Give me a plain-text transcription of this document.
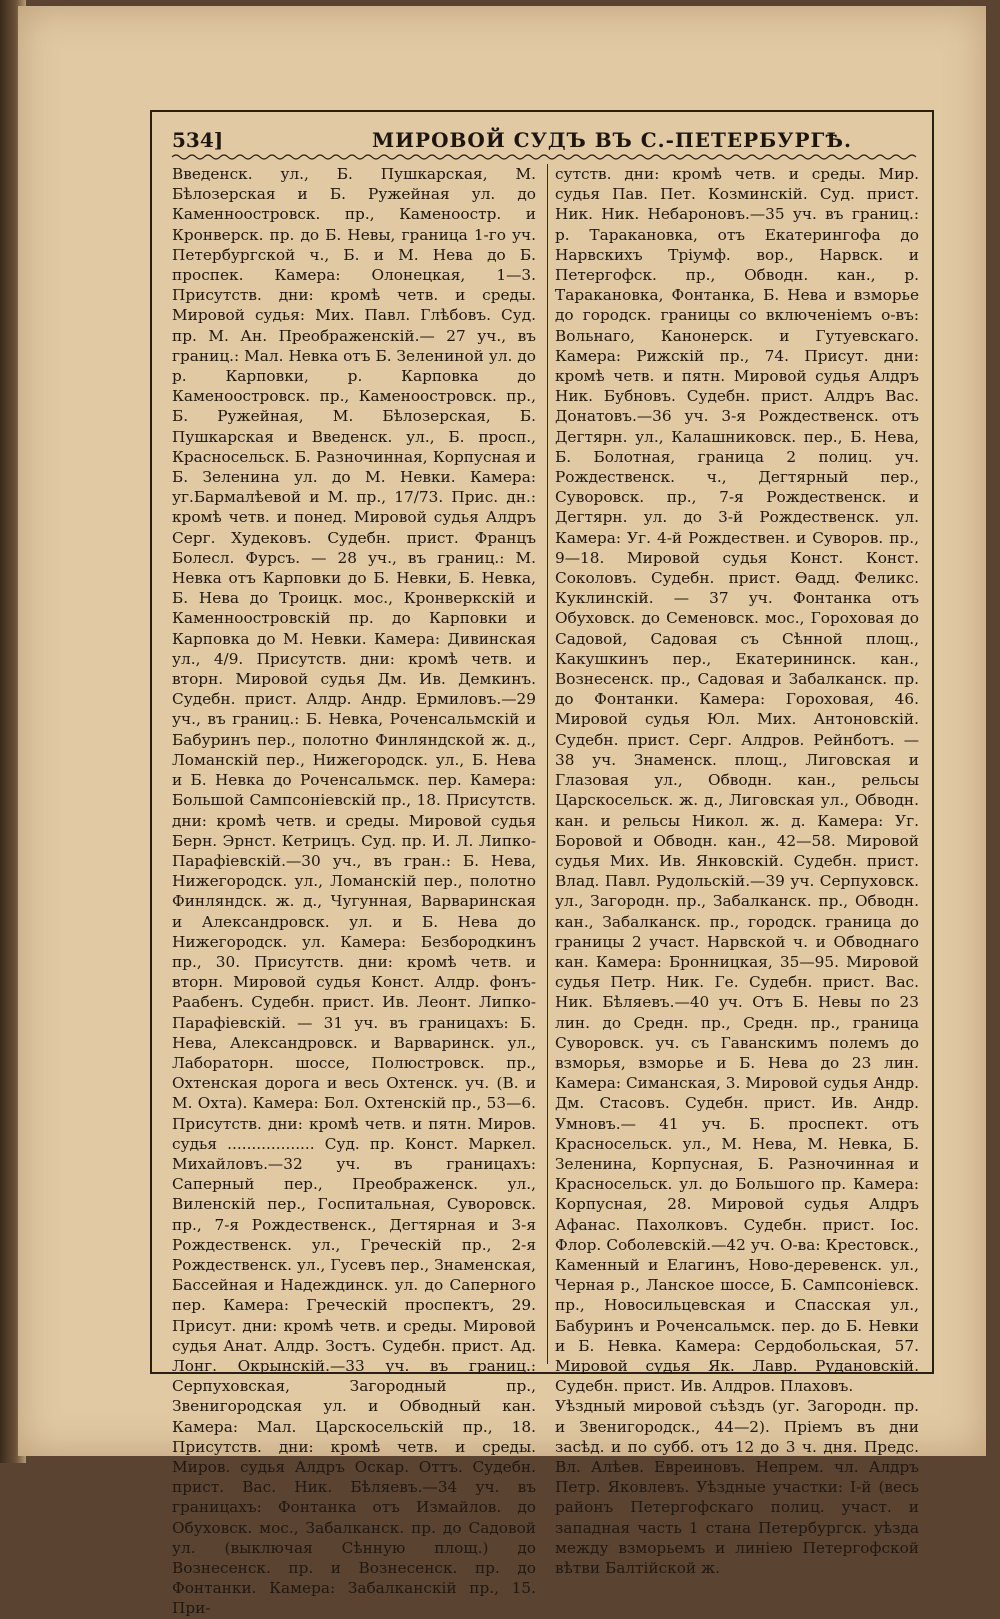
534]	МИРОВОЙ СУДЪ ВЪ С.-ПЕТЕРБУРГѢ.
Введенск. ул., Б. Пушкарская, М. Бѣлозерская и Б. Ружейная ул. до Каменноостровск. пр., Каменоостр. и Кронверск. пр. до Б. Невы, граница 1-го уч. Петербургской ч., Б. и М. Нева до Б. проспек. Камера: Олонецкая, 1—3. Присутств. дни: кромѣ четв. и среды. Мировой судья: Мих. Павл. Глѣбовъ. Суд. пр. М. Ан. Преображенскій.— 27 уч., въ границ.: Мал. Невка отъ Б. Зелениной ул. до р. Карповки, р. Карповка до Каменоостровск. пр., Каменоостровск. пр., Б. Ружейная, М. Бѣлозерская, Б. Пушкарская и Введенск. ул., Б. просп., Красносельск. Б. Разночинная, Корпусная и Б. Зеленина ул. до М. Невки. Камера: уг.Бармалѣевой и М. пр., 17/73. Прис. дн.: кромѣ четв. и понед. Мировой судья Алдръ Серг. Худековъ. Судебн. прист. Францъ Болесл. Фурсъ. — 28 уч., въ границ.: М. Невка отъ Карповки до Б. Невки, Б. Невка, Б. Нева до Троицк. мос., Кронверкскій и Каменноостровскій пр. до Карповки и Карповка до М. Невки. Камера: Дивинская ул., 4/9. Присутств. дни: кромѣ четв. и вторн. Мировой судья Дм. Ив. Демкинъ. Судебн. прист. Алдр. Андр. Ермиловъ.—29 уч., въ границ.: Б. Невка, Роченсальмскій и Бабуринъ пер., полотно Финляндской ж. д., Ломанскій пер., Нижегородск. ул., Б. Нева и Б. Невка до Роченсальмск. пер. Камера: Большой Сампсоніевскій пр., 18. Присутств. дни: кромѣ четв. и среды. Мировой судья Берн. Эрнст. Кетрицъ. Суд. пр. И. Л. Липко-Парафіевскій.—30 уч., въ гран.: Б. Нева, Нижегородск. ул., Ломанскій пер., полотно Финляндск. ж. д., Чугунная, Варваринская и Александровск. ул. и Б. Нева до Нижегородск. ул. Камера: Безбородкинъ пр., 30. Присутств. дни: кромѣ четв. и вторн. Мировой судья Конст. Алдр. фонъ-Раабенъ. Судебн. прист. Ив. Леонт. Липко-Парафіевскій. — 31 уч. въ границахъ: Б. Нева, Александровск. и Варваринск. ул., Лабораторн. шоссе, Полюстровск. пр., Охтенская дорога и весь Охтенск. уч. (В. и М. Охта). Камера: Бол. Охтенскій пр., 53—6. Присутств. дни: кромѣ четв. и пятн. Миров. судья .................. Суд. пр. Конст. Маркел. Михайловъ.—32 уч. въ границахъ: Саперный пер., Преображенск. ул., Виленскій пер., Госпитальная, Суворовск. пр., 7-я Рождественск., Дегтярная и 3-я Рождественск. ул., Греческій пр., 2-я Рождественск. ул., Гусевъ пер., Знаменская, Бассейная и Надеждинск. ул. до Саперного пер. Камера: Греческій проспектъ, 29. Присут. дни: кромѣ четв. и среды. Мировой судья Анат. Алдр. Зостъ. Судебн. прист. Ад. Лонг. Окрынскій.—33 уч. въ границ.: Серпуховская, Загородный пр., Звенигородская ул. и Обводный кан. Камера: Мал. Царскосельскій пр., 18. Присутств. дни: кромѣ четв. и среды. Миров. судья Алдръ Оскар. Оттъ. Судебн. прист. Вас. Ник. Бѣляевъ.—34 уч. въ границахъ: Фонтанка отъ Измайлов. до Обуховск. мос., Забалканск. пр. до Садовой ул. (выключая Сѣнную площ.) до Вознесенск. пр. и Вознесенск. пр. до Фонтанки. Камера: Забалканскій пр., 15. При-
сутств. дни: кромѣ четв. и среды. Мир. судья Пав. Пет. Козминскій. Суд. прист. Ник. Ник. Небароновъ.—35 уч. въ границ.: р. Таракановка, отъ Екатерингофа до Нарвскихъ Тріумф. вор., Нарвск. и Петергофск. пр., Обводн. кан., р. Таракановка, Фонтанка, Б. Нева и взморье до городск. границы со включеніемъ о-въ: Вольнаго, Канонерск. и Гутуевскаго. Камера: Рижскій пр., 74. Присут. дни: кромѣ четв. и пятн. Мировой судья Алдръ Ник. Бубновъ. Судебн. прист. Алдръ Вас. Донатовъ.—36 уч. 3-я Рождественск. отъ Дегтярн. ул., Калашниковск. пер., Б. Нева, Б. Болотная, граница 2 полиц. уч. Рождественск. ч., Дегтярный пер., Суворовск. пр., 7-я Рождественск. и Дегтярн. ул. до 3-й Рождественск. ул. Камера: Уг. 4-й Рождествен. и Суворов. пр., 9—18. Мировой судья Конст. Конст. Соколовъ. Судебн. прист. Ѳадд. Феликс. Куклинскій. — 37 уч. Фонтанка отъ Обуховск. до Семеновск. мос., Гороховая до Садовой, Садовая съ Сѣнной площ., Какушкинъ пер., Екатерининск. кан., Вознесенск. пр., Садовая и Забалканск. пр. до Фонтанки. Камера: Гороховая, 46. Мировой судья Юл. Мих. Антоновскій. Судебн. прист. Серг. Алдров. Рейнботъ. — 38 уч. Знаменск. площ., Лиговская и Глазовая ул., Обводн. кан., рельсы Царскосельск. ж. д., Лиговская ул., Обводн. кан. и рельсы Никол. ж. д. Камера: Уг. Боровой и Обводн. кан., 42—58. Мировой судья Мих. Ив. Янковскій. Судебн. прист. Влад. Павл. Рудольскій.—39 уч. Серпуховск. ул., Загородн. пр., Забалканск. пр., Обводн. кан., Забалканск. пр., городск. граница до границы 2 участ. Нарвской ч. и Обводнаго кан. Камера: Бронницкая, 35—95. Мировой судья Петр. Ник. Ге. Судебн. прист. Вас. Ник. Бѣляевъ.—40 уч. Отъ Б. Невы по 23 лин. до Средн. пр., Средн. пр., граница Суворовск. уч. съ Гаванскимъ полемъ до взморья, взморье и Б. Нева до 23 лин. Камера: Симанская, 3. Мировой судья Андр. Дм. Стасовъ. Судебн. прист. Ив. Андр. Умновъ.— 41 уч. Б. проспект. отъ Красносельск. ул., М. Нева, М. Невка, Б. Зеленина, Корпусная, Б. Разночинная и Красносельск. ул. до Большого пр. Камера: Корпусная, 28. Мировой судья Алдръ Афанас. Пахолковъ. Судебн. прист. Іос. Флор. Соболевскій.—42 уч. О-ва: Крестовск., Каменный и Елагинъ, Ново-деревенск. ул., Черная р., Ланское шоссе, Б. Сампсоніевск. пр., Новосильцевская и Спасская ул., Бабуринъ и Роченсальмск. пер. до Б. Невки и Б. Невка. Камера: Сердобольская, 57. Мировой судья Як. Лавр. Рудановскій. Судебн. прист. Ив. Алдров. Плаховъ.
Уѣздный мировой съѣздъ (уг. Загородн. пр. и Звенигородск., 44—2). Пріемъ въ дни засѣд. и по субб. отъ 12 до 3 ч. дня. Предс. Вл. Алѣев. Евреиновъ. Непрем. чл. Алдръ Петр. Яковлевъ. Уѣздные участки: I-й (весь районъ Петергофскаго полиц. участ. и западная часть 1 стана Петербургск. уѣзда между взморьемъ и линіею Петергофской вѣтви Балтійской ж.
